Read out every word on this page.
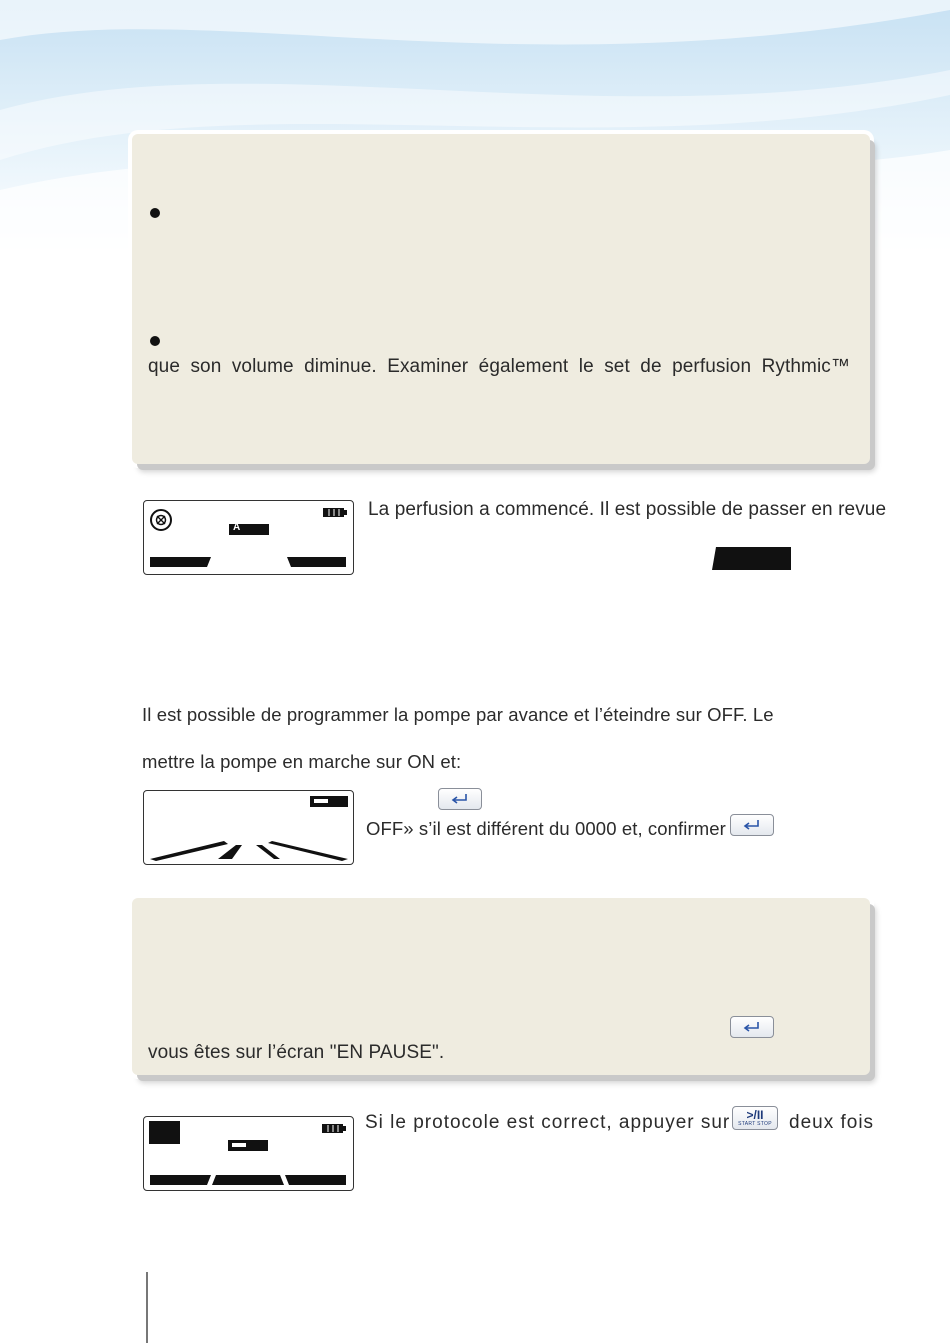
que son volume diminue. Examiner également le set de perfusion Rythmic™
A
La perfusion a commencé. Il est possible de passer en revue
Il est possible de programmer la pompe par avance et l’éteindre sur OFF. Le
mettre la pompe en marche sur ON et:
OFF» s’il est différent du 0000 et, confirmer
vous êtes sur l’écran "EN PAUSE".
Si le protocole est correct, appuyer sur >/II
START STOP deux fois
